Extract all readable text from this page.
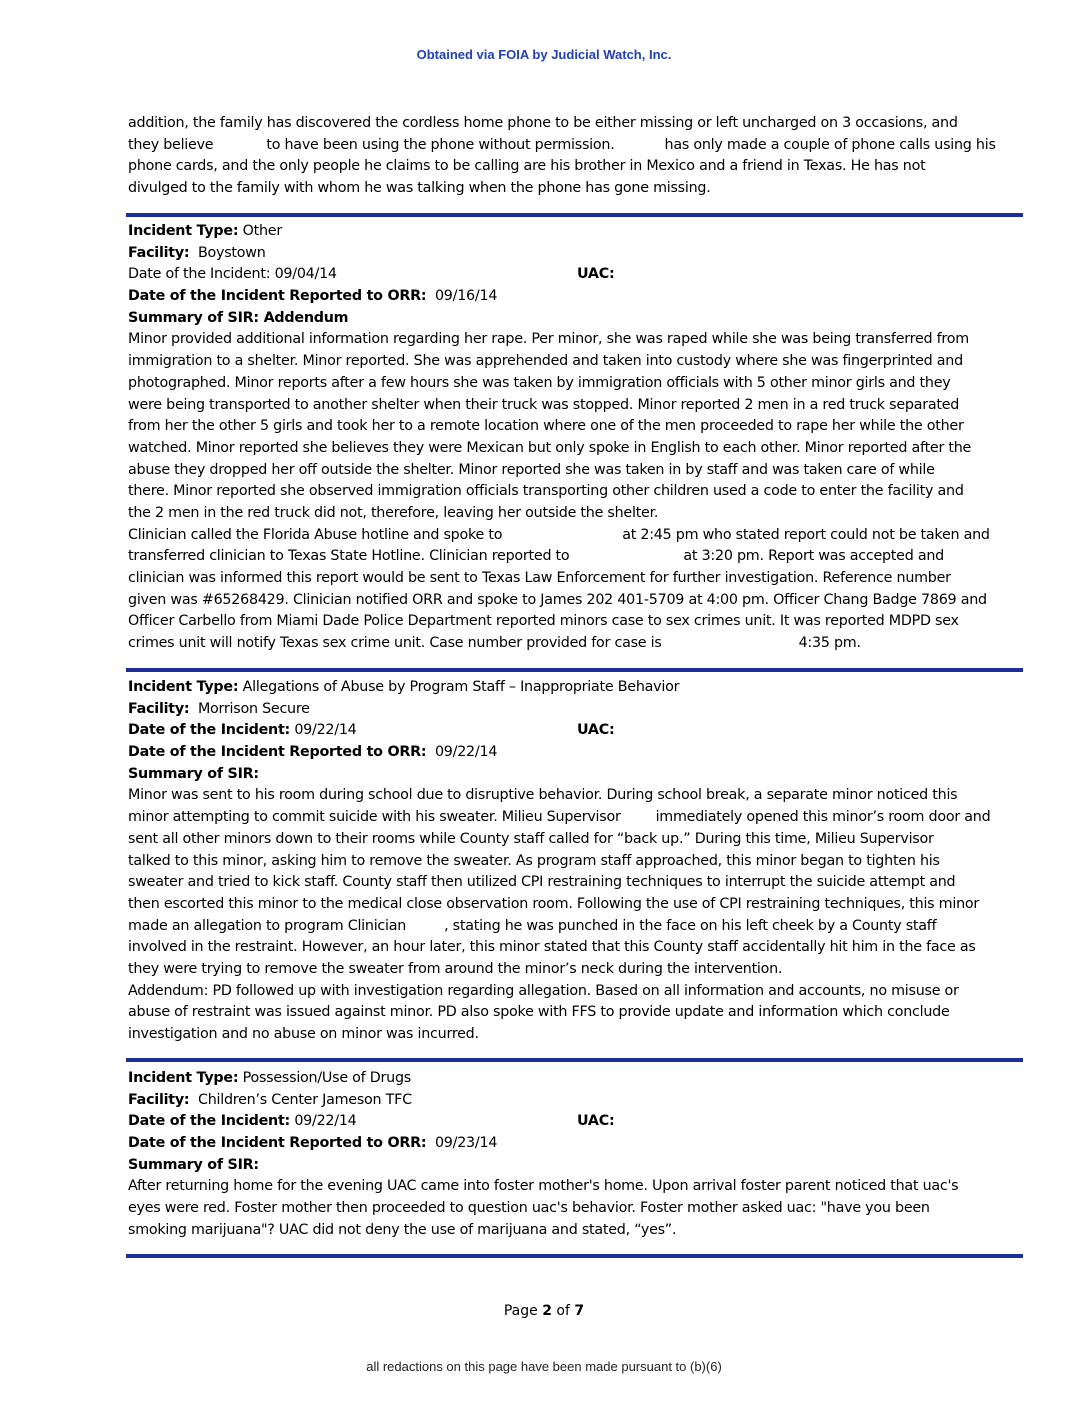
Obtained via FOIA by Judicial Watch, Inc.
addition, the family has discovered the cordless home phone to be either missing or left uncharged on 3 occasions, and
they believe	to have been using the phone without permission.	has only made a couple of phone calls using his
phone cards, and the only people he claims to be calling are his brother in Mexico and a friend in Texas. He has not
divulged to the family with whom he was talking when the phone has gone missing.
Incident Type: Other
Facility: Boystown
Date of the Incident: 09/04/14	UAC:
Date of the Incident Reported to ORR: 09/16/14
Summary of SIR: Addendum
Minor provided additional information regarding her rape. Per minor, she was raped while she was being transferred from
immigration to a shelter. Minor reported. She was apprehended and taken into custody where she was fingerprinted and
photographed. Minor reports after a few hours she was taken by immigration officials with 5 other minor girls and they
were being transported to another shelter when their truck was stopped. Minor reported 2 men in a red truck separated
from her the other 5 girls and took her to a remote location where one of the men proceeded to rape her while the other
watched. Minor reported she believes they were Mexican but only spoke in English to each other. Minor reported after the
abuse they dropped her off outside the shelter. Minor reported she was taken in by staff and was taken care of while
there. Minor reported she observed immigration officials transporting other children used a code to enter the facility and
the 2 men in the red truck did not, therefore, leaving her outside the shelter.
Clinician called the Florida Abuse hotline and spoke to	at 2:45 pm who stated report could not be taken and
transferred clinician to Texas State Hotline. Clinician reported to	at 3:20 pm. Report was accepted and
clinician was informed this report would be sent to Texas Law Enforcement for further investigation. Reference number
given was #65268429. Clinician notified ORR and spoke to James 202 401-5709 at 4:00 pm. Officer Chang Badge 7869 and
Officer Carbello from Miami Dade Police Department reported minors case to sex crimes unit. It was reported MDPD sex
crimes unit will notify Texas sex crime unit. Case number provided for case is	4:35 pm.
Incident Type: Allegations of Abuse by Program Staff – Inappropriate Behavior
Facility: Morrison Secure
Date of the Incident: 09/22/14	UAC:
Date of the Incident Reported to ORR: 09/22/14
Summary of SIR:
Minor was sent to his room during school due to disruptive behavior. During school break, a separate minor noticed this
minor attempting to commit suicide with his sweater. Milieu Supervisor immediately opened this minor’s room door and
sent all other minors down to their rooms while County staff called for “back up.” During this time, Milieu Supervisor
talked to this minor, asking him to remove the sweater. As program staff approached, this minor began to tighten his
sweater and tried to kick staff. County staff then utilized CPI restraining techniques to interrupt the suicide attempt and
then escorted this minor to the medical close observation room. Following the use of CPI restraining techniques, this minor
made an allegation to program Clinician	, stating he was punched in the face on his left cheek by a County staff
involved in the restraint. However, an hour later, this minor stated that this County staff accidentally hit him in the face as
they were trying to remove the sweater from around the minor’s neck during the intervention.
Addendum: PD followed up with investigation regarding allegation. Based on all information and accounts, no misuse or
abuse of restraint was issued against minor. PD also spoke with FFS to provide update and information which conclude
investigation and no abuse on minor was incurred.
Incident Type: Possession/Use of Drugs
Facility: Children’s Center Jameson TFC
Date of the Incident: 09/22/14	UAC:
Date of the Incident Reported to ORR: 09/23/14
Summary of SIR:
After returning home for the evening UAC came into foster mother's home. Upon arrival foster parent noticed that uac's
eyes were red. Foster mother then proceeded to question uac's behavior. Foster mother asked uac: "have you been
smoking marijuana"? UAC did not deny the use of marijuana and stated, “yes”.
Page 2 of 7
all redactions on this page have been made pursuant to (b)(6)
